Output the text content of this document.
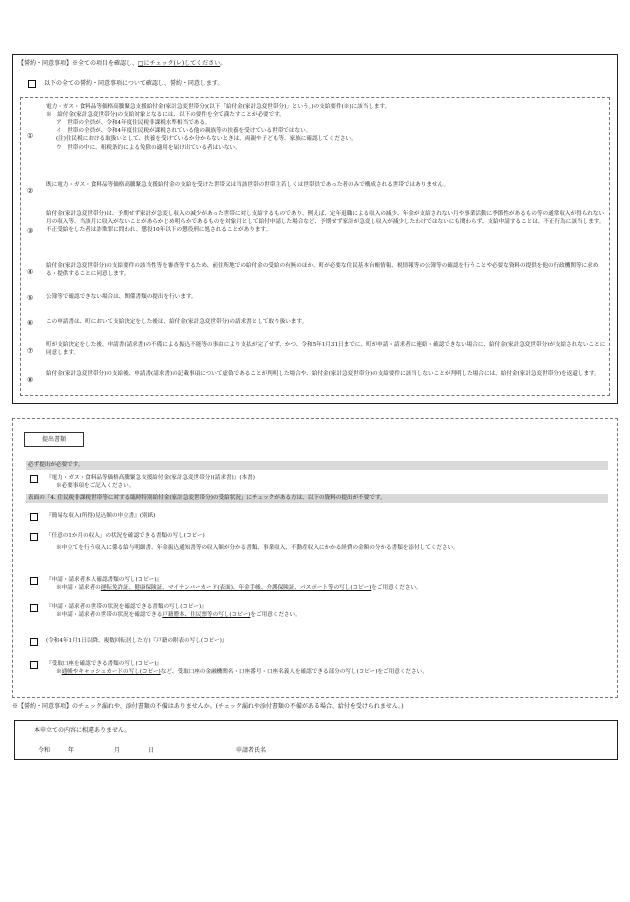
【誓約・同意事項】※全ての項目を確認し、□にチェック(レ)してください。
以下の全ての誓約・同意事項について確認し、誓約・同意します。
①

電力・ガス・食料品等価格高騰緊急支援給付金(家計急変世帯分)(以下「給付金(家計急変世帯分)」という。)の支給要件(※)に該当します。

※　給付金(家計急変世帯分)の支給対象となるには、以下の要件を全て満たすことが必要です。

ア　世帯の全員が、令和4年度住民税非課税水準相当である。

イ　世帯の全員が、令和4年度住民税が課税されている他の親族等の扶養を受けている世帯ではない。

(注)住民税における取扱いとして、扶養を受けているか分からないときは、両親や子ども等、家族に確認してください。

ウ　世帯の中に、租税条約による免除の適用を届け出ている者はいない。

②

既に電力・ガス・食料品等価格高騰緊急支援給付金の支給を受けた世帯又は当該世帯の世帯主若しくは世帯員であった者のみで構成される世帯ではありません。

③

給付金(家計急変世帯分)は、予期せず家計が急変し収入の減少があった世帯に対し支給するものであり、例えば、定年退職による収入の減少、年金が支給されない月や事業活動に季節性があるもの等の通常収入が得られない月の収入等、当該月に収入がないことがあらかじめ明らかであるものを対象月として給付申請した場合など、予期せず家計が急変し収入が減少したわけではないにも関わらず、支給申請することは、不正行為に該当します。不正受給をした者は詐欺罪に問われ、懲役10年以下の懲役刑に処されることがあります。

④

給付金(家計急変世帯分)の支給要件の該当性等を審査等するため、前住所地での給付金の受給の有無のほか、町が必要な住民基本台帳情報、税情報等の公簿等の確認を行うことや必要な資料の提供を他の行政機関等に求める・提供することに同意します。

⑤ 公簿等で確認できない場合は、関係書類の提出を行います。

⑥ この申請書は、町において支給決定をした後は、給付金(家計急変世帯分)の請求書として取り扱います。

⑦

町が支給決定をした後、申請書(請求書)の不備による振込不能等の事由により支払が完了せず、かつ、令和5年1月31日までに、町が申請・請求者に連絡・確認できない場合に、給付金(家計急変世帯分)が支給されないことに同意します。

⑧

給付金(家計急変世帯分)の支給後、申請書(請求書)の記載事項について虚偽であることが判明した場合や、給付金(家計急変世帯分)の支給要件に該当しないことが判明した場合には、給付金(家計急変世帯分)を返還します。

提出書類
必ず提出が必要です。

『電力・ガス・食料品等価格高騰緊急支援給付金(家計急変世帯分)(請求書)』(本書)

※必要事項をご記入ください。

表面の「4. 住民税非課税世帯等に対する臨時特別給付金(家計急変世帯分)の受給状況」にチェックがある方は、以下の資料の提出が不要です。

『簡易な収入(所得)見込額の申立書』(別紙)

「任意の1か月の収入」の状況を確認できる書類の写し(コピー)

※申立てを行う収入に係る給与明細書、年金振込通知書等の収入額が分かる書類、事業収入、不動産収入にかかる経費の金額の分かる書類を添付してください。

『申請・請求者本人確認書類の写し(コピー)』

※申請・請求者の運転免許証、健康保険証、マイナンバーカード(表面)、年金手帳、介護保険証、パスポート等の写し(コピー)をご用意ください。

『申請・請求者の世帯の状況を確認できる書類の写し(コピー)』

※申請・請求者の世帯の状況を確認できる戸籍謄本、住民票等の写し(コピー)をご用意ください。

(令和4年1月1日以降、複数回転居した方)『戸籍の附表の写し(コピー)』

『受取口座を確認できる書類の写し(コピー)』

※通帳やキャッシュカードの写し(コピー)など、受取口座の金融機関名・口座番号・口座名義人を確認できる部分の写し(コピー)をご用意ください。

※【誓約・同意事項】のチェック漏れや、添付書類の不備はありませんか。(チェック漏れや添付書類の不備がある場合、給付を受けられません。)
本申立ての内容に相違ありません。
令和	年	月	日	申請者氏名
